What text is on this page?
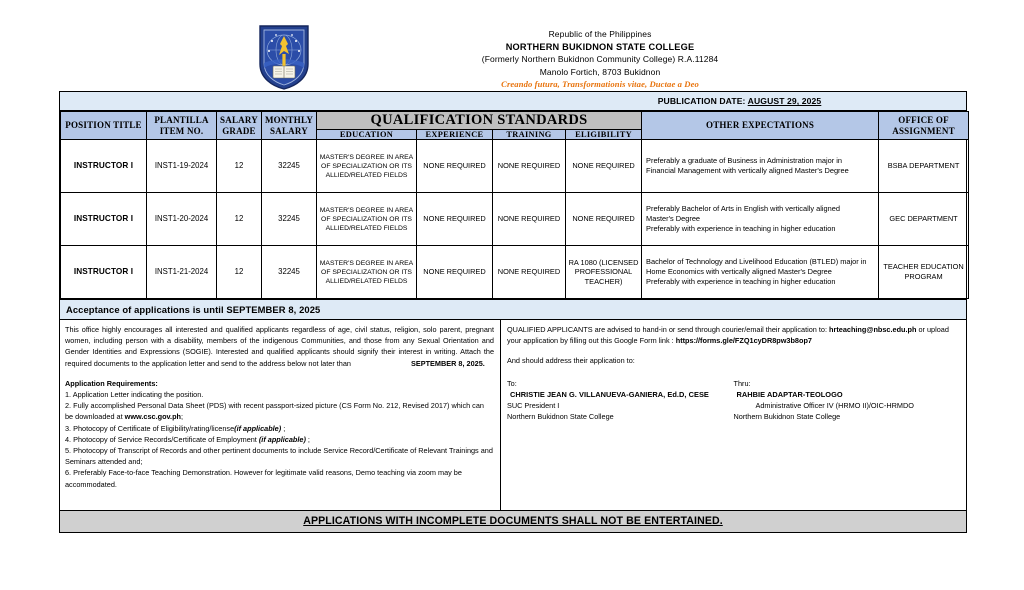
Republic of the Philippines
NORTHERN BUKIDNON STATE COLLEGE
(Formerly Northern Bukidnon Community College) R.A.11284
Manolo Fortich, 8703 Bukidnon
Creando futura, Transformationis vitae, Ductae a Deo
PUBLICATION DATE: AUGUST 29, 2025
POSITION TITLE	PLANTILLA ITEM NO.	SALARY GRADE	MONTHLY SALARY	QUALIFICATION STANDARDS				OTHER EXPECTATIONS	OFFICE OF ASSIGNMENT
				EDUCATION	EXPERIENCE	TRAINING	ELIGIBILITY		
INSTRUCTOR I	INST1-19-2024	12	32245	MASTER'S DEGREE IN AREA OF SPECIALIZATION OR ITS ALLIED/RELATED FIELDS	NONE REQUIRED	NONE REQUIRED	NONE REQUIRED	Preferably a graduate of Business in Administration major in
Financial Management with vertically aligned Master's Degree	BSBA DEPARTMENT
INSTRUCTOR I	INST1-20-2024	12	32245	MASTER'S DEGREE IN AREA OF SPECIALIZATION OR ITS ALLIED/RELATED FIELDS	NONE REQUIRED	NONE REQUIRED	NONE REQUIRED	Preferably Bachelor of Arts in English with vertically aligned
Master's Degree
Preferably with experience in teaching in higher education	GEC DEPARTMENT
INSTRUCTOR I	INST1-21-2024	12	32245	MASTER'S DEGREE IN AREA OF SPECIALIZATION OR ITS ALLIED/RELATED FIELDS	NONE REQUIRED	NONE REQUIRED	RA 1080 (LICENSED PROFESSIONAL TEACHER)	Bachelor of Technology and Livelihood Education (BTLED) major in
Home Economics with vertically aligned Master's Degree
Preferably with experience in teaching in higher education	TEACHER EDUCATION PROGRAM
Acceptance of applications is until SEPTEMBER 8, 2025

This office highly encourages all interested and qualified applicants regardless of age, civil status, religion, solo parent, pregnant women, including person with a disability, members of the indigenous Communities, and those from any Sexual Orientation and Gender Identities and Expressions (SOGIE). Interested and qualified applicants should signify their interest in writing. Attach the required documents to the application letter and send to the address below not later than	SEPTEMBER 8, 2025.

Application Requirements:

1. Application Letter indicating the position.

2. Fully accomplished Personal Data Sheet (PDS) with recent passport-sized picture (CS Form No. 212, Revised 2017) which can be downloaded at www.csc.gov.ph;

3. Photocopy of Certificate of Eligibility/rating/license(if applicable) ;

4. Photocopy of Service Records/Certificate of Employment (if applicable) ;

5. Photocopy of Transcript of Records and other pertinent documents to include Service Record/Certificate of Relevant Trainings and Seminars attended and;

6. Preferably Face-to-face Teaching Demonstration. However for legitimate valid reasons, Demo teaching via zoom may be accommodated.

QUALIFIED APPLICANTS are advised to hand-in or send through courier/email their application to: hrteaching@nbsc.edu.ph or upload your application by filling out this Google Form link : https://forms.gle/FZQ1cyDR8pw3b8op7

And should address their application to:

To:
CHRISTIE JEAN G. VILLANUEVA-GANIERA, Ed.D, CESE
SUC President I
Northern Bukidnon State College
Thru:
RAHBIE ADAPTAR-TEOLOGO
Administrative Officer IV (HRMO II)/OIC-HRMDO
Northern Bukidnon State College
APPLICATIONS WITH INCOMPLETE DOCUMENTS SHALL NOT BE ENTERTAINED.
